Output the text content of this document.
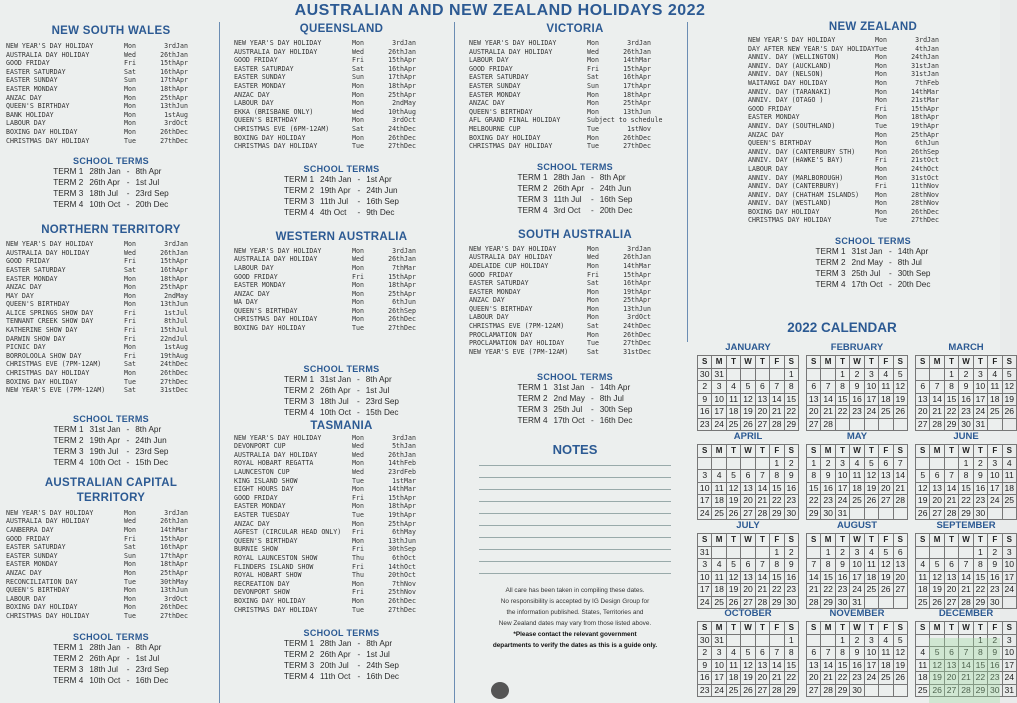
AUSTRALIAN AND NEW ZEALAND HOLIDAYS 2022
NEW SOUTH WALES
NEW YEAR'S DAY HOLIDAY	Mon	3rd	Jan
AUSTRALIA DAY HOLIDAY	Wed	26th	Jan
GOOD FRIDAY	Fri	15th	Apr
EASTER SATURDAY	Sat	16th	Apr
EASTER SUNDAY	Sun	17th	Apr
EASTER MONDAY	Mon	18th	Apr
ANZAC DAY	Mon	25th	Apr
QUEEN'S BIRTHDAY	Mon	13th	Jun
BANK HOLIDAY	Mon	1st	Aug
LABOUR DAY	Mon	3rd	Oct
BOXING DAY HOLIDAY	Mon	26th	Dec
CHRISTMAS DAY HOLIDAY	Tue	27th	Dec
SCHOOL TERMS
TERM 1	28th Jan	-	8th Apr
TERM 2	26th Apr	-	1st Jul
TERM 3	18th Jul	-	23rd Sep
TERM 4	10th Oct	-	20th Dec
NORTHERN TERRITORY
NEW YEAR'S DAY HOLIDAY	Mon	3rd	Jan
AUSTRALIA DAY HOLIDAY	Wed	26th	Jan
GOOD FRIDAY	Fri	15th	Apr
EASTER SATURDAY	Sat	16th	Apr
EASTER MONDAY	Mon	18th	Apr
ANZAC DAY	Mon	25th	Apr
MAY DAY	Mon	2nd	May
QUEEN'S BIRTHDAY	Mon	13th	Jun
ALICE SPRINGS SHOW DAY	Fri	1st	Jul
TENNANT CREEK SHOW DAY	Fri	8th	Jul
KATHERINE SHOW DAY	Fri	15th	Jul
DARWIN SHOW DAY	Fri	22nd	Jul
PICNIC DAY	Mon	1st	Aug
BORROLOOLA SHOW DAY	Fri	19th	Aug
CHRISTMAS EVE (7PM-12AM)	Sat	24th	Dec
CHRISTMAS DAY HOLIDAY	Mon	26th	Dec
BOXING DAY HOLIDAY	Tue	27th	Dec
NEW YEAR'S EVE (7PM-12AM)	Sat	31st	Dec
SCHOOL TERMS
TERM 1	31st Jan	-	8th Apr
TERM 2	19th Apr	-	24th Jun
TERM 3	19th Jul	-	23rd Sep
TERM 4	10th Oct	-	15th Dec
AUSTRALIAN CAPITAL
TERRITORY
NEW YEAR'S DAY HOLIDAY	Mon	3rd	Jan
AUSTRALIA DAY HOLIDAY	Wed	26th	Jan
CANBERRA DAY	Mon	14th	Mar
GOOD FRIDAY	Fri	15th	Apr
EASTER SATURDAY	Sat	16th	Apr
EASTER SUNDAY	Sun	17th	Apr
EASTER MONDAY	Mon	18th	Apr
ANZAC DAY	Mon	25th	Apr
RECONCILIATION DAY	Tue	30th	May
QUEEN'S BIRTHDAY	Mon	13th	Jun
LABOUR DAY	Mon	3rd	Oct
BOXING DAY HOLIDAY	Mon	26th	Dec
CHRISTMAS DAY HOLIDAY	Tue	27th	Dec
SCHOOL TERMS
TERM 1	28th Jan	-	8th Apr
TERM 2	26th Apr	-	1st Jul
TERM 3	18th Jul	-	23rd Sep
TERM 4	10th Oct	-	16th Dec
QUEENSLAND
NEW YEAR'S DAY HOLIDAY	Mon	3rd	Jan
AUSTRALIA DAY HOLIDAY	Wed	26th	Jan
GOOD FRIDAY	Fri	15th	Apr
EASTER SATURDAY	Sat	16th	Apr
EASTER SUNDAY	Sun	17th	Apr
EASTER MONDAY	Mon	18th	Apr
ANZAC DAY	Mon	25th	Apr
LABOUR DAY	Mon	2nd	May
EKKA (BRISBANE ONLY)	Wed	10th	Aug
QUEEN'S BIRTHDAY	Mon	3rd	Oct
CHRISTMAS EVE (6PM-12AM)	Sat	24th	Dec
BOXING DAY HOLIDAY	Mon	26th	Dec
CHRISTMAS DAY HOLIDAY	Tue	27th	Dec
SCHOOL TERMS
TERM 1	24th Jan	-	1st Apr
TERM 2	19th Apr	-	24th Jun
TERM 3	11th Jul	-	16th Sep
TERM 4	4th Oct	-	9th Dec
WESTERN AUSTRALIA
NEW YEAR'S DAY HOLIDAY	Mon	3rd	Jan
AUSTRALIA DAY HOLIDAY	Wed	26th	Jan
LABOUR DAY	Mon	7th	Mar
GOOD FRIDAY	Fri	15th	Apr
EASTER MONDAY	Mon	18th	Apr
ANZAC DAY	Mon	25th	Apr
WA DAY	Mon	6th	Jun
QUEEN'S BIRTHDAY	Mon	26th	Sep
CHRISTMAS DAY HOLIDAY	Mon	26th	Dec
BOXING DAY HOLIDAY	Tue	27th	Dec
SCHOOL TERMS
TERM 1	31st Jan	-	8th Apr
TERM 2	26th Apr	-	1st Jul
TERM 3	18th Jul	-	23rd Sep
TERM 4	10th Oct	-	15th Dec
TASMANIA
NEW YEAR'S DAY HOLIDAY	Mon	3rd	Jan
DEVONPORT CUP	Wed	5th	Jan
AUSTRALIA DAY HOLIDAY	Wed	26th	Jan
ROYAL HOBART REGATTA	Mon	14th	Feb
LAUNCESTON CUP	Wed	23rd	Feb
KING ISLAND SHOW	Tue	1st	Mar
EIGHT HOURS DAY	Mon	14th	Mar
GOOD FRIDAY	Fri	15th	Apr
EASTER MONDAY	Mon	18th	Apr
EASTER TUESDAY	Tue	19th	Apr
ANZAC DAY	Mon	25th	Apr
AGFEST (CIRCULAR HEAD ONLY)	Fri	6th	May
QUEEN'S BIRTHDAY	Mon	13th	Jun
BURNIE SHOW	Fri	30th	Sep
ROYAL LAUNCESTON SHOW	Thu	6th	Oct
FLINDERS ISLAND SHOW	Fri	14th	Oct
ROYAL HOBART SHOW	Thu	20th	Oct
RECREATION DAY	Mon	7th	Nov
DEVONPORT SHOW	Fri	25th	Nov
BOXING DAY HOLIDAY	Mon	26th	Dec
CHRISTMAS DAY HOLIDAY	Tue	27th	Dec
SCHOOL TERMS
TERM 1	28th Jan	-	8th Apr
TERM 2	26th Apr	-	1st Jul
TERM 3	20th Jul	-	24th Sep
TERM 4	11th Oct	-	16th Dec
VICTORIA
NEW YEAR'S DAY HOLIDAY	Mon	3rd	Jan
AUSTRALIA DAY HOLIDAY	Wed	26th	Jan
LABOUR DAY	Mon	14th	Mar
GOOD FRIDAY	Fri	15th	Apr
EASTER SATURDAY	Sat	16th	Apr
EASTER SUNDAY	Sun	17th	Apr
EASTER MONDAY	Mon	18th	Apr
ANZAC DAY	Mon	25th	Apr
QUEEN'S BIRTHDAY	Mon	13th	Jun
AFL GRAND FINAL HOLIDAY	Subject to schedule		
MELBOURNE CUP	Tue	1st	Nov
BOXING DAY HOLIDAY	Mon	26th	Dec
CHRISTMAS DAY HOLIDAY	Tue	27th	Dec
SCHOOL TERMS
TERM 1	28th Jan	-	8th Apr
TERM 2	26th Apr	-	24th Jun
TERM 3	11th Jul	-	16th Sep
TERM 4	3rd Oct	-	20th Dec
SOUTH AUSTRALIA
NEW YEAR'S DAY HOLIDAY	Mon	3rd	Jan
AUSTRALIA DAY HOLIDAY	Wed	26th	Jan
ADELAIDE CUP HOLIDAY	Mon	14th	Mar
GOOD FRIDAY	Fri	15th	Apr
EASTER SATURDAY	Sat	16th	Apr
EASTER MONDAY	Mon	19th	Apr
ANZAC DAY	Mon	25th	Apr
QUEEN'S BIRTHDAY	Mon	13th	Jun
LABOUR DAY	Mon	3rd	Oct
CHRISTMAS EVE (7PM-12AM)	Sat	24th	Dec
PROCLAMATION DAY	Mon	26th	Dec
PROCLAMATION DAY HOLIDAY	Tue	27th	Dec
NEW YEAR'S EVE (7PM-12AM)	Sat	31st	Dec
SCHOOL TERMS
TERM 1	31st Jan	-	14th Apr
TERM 2	2nd May	-	8th Jul
TERM 3	25th Jul	-	30th Sep
TERM 4	17th Oct	-	16th Dec
NOTES
All care has been taken in compiling these dates.
No responsibility is accepted by IG Design Group for
the information published. States, Territories and
New Zealand dates may vary from those listed above.
*Please contact the relevant government
departments to verify the dates as this is a guide only.
NEW ZEALAND
NEW YEAR'S DAY HOLIDAY	Mon	3rd	Jan
DAY AFTER NEW YEAR'S DAY HOLIDAY	Tue	4th	Jan
ANNIV. DAY (WELLINGTON)	Mon	24th	Jan
ANNIV. DAY (AUCKLAND)	Mon	31st	Jan
ANNIV. DAY (NELSON)	Mon	31st	Jan
WAITANGI DAY HOLIDAY	Mon	7th	Feb
ANNIV. DAY (TARANAKI)	Mon	14th	Mar
ANNIV. DAY (OTAGO )	Mon	21st	Mar
GOOD FRIDAY	Fri	15th	Apr
EASTER MONDAY	Mon	18th	Apr
ANNIV. DAY (SOUTHLAND)	Tue	19th	Apr
ANZAC DAY	Mon	25th	Apr
QUEEN'S BIRTHDAY	Mon	6th	Jun
ANNIV. DAY (CANTERBURY STH)	Mon	26th	Sep
ANNIV. DAY (HAWKE'S BAY)	Fri	21st	Oct
LABOUR DAY	Mon	24th	Oct
ANNIV. DAY (MARLBOROUGH)	Mon	31st	Oct
ANNIV. DAY (CANTERBURY)	Fri	11th	Nov
ANNIV. DAY (CHATHAM ISLANDS)	Mon	28th	Nov
ANNIV. DAY (WESTLAND)	Mon	28th	Nov
BOXING DAY HOLIDAY	Mon	26th	Dec
CHRISTMAS DAY HOLIDAY	Tue	27th	Dec
SCHOOL TERMS
TERM 1	31st Jan	-	14th Apr
TERM 2	2nd May	-	8th Jul
TERM 3	25th Jul	-	30th Sep
TERM 4	17th Oct	-	20th Dec
2022 CALENDAR
JANUARY
S	M	T	W	T	F	S
30	31					1
2	3	4	5	6	7	8
9	10	11	12	13	14	15
16	17	18	19	20	21	22
23	24	25	26	27	28	29
FEBRUARY
S	M	T	W	T	F	S
		1	2	3	4	5
6	7	8	9	10	11	12
13	14	15	16	17	18	19
20	21	22	23	24	25	26
27	28					
MARCH
S	M	T	W	T	F	S
		1	2	3	4	5
6	7	8	9	10	11	12
13	14	15	16	17	18	19
20	21	22	23	24	25	26
27	28	29	30	31		
APRIL
S	M	T	W	T	F	S
					1	2
3	4	5	6	7	8	9
10	11	12	13	14	15	16
17	18	19	20	21	22	23
24	25	26	27	28	29	30
MAY
S	M	T	W	T	F	S
1	2	3	4	5	6	7
8	9	10	11	12	13	14
15	16	17	18	19	20	21
22	23	24	25	26	27	28
29	30	31				
JUNE
S	M	T	W	T	F	S
			1	2	3	4
5	6	7	8	9	10	11
12	13	14	15	16	17	18
19	20	21	22	23	24	25
26	27	28	29	30		
JULY
S	M	T	W	T	F	S
31					1	2
3	4	5	6	7	8	9
10	11	12	13	14	15	16
17	18	19	20	21	22	23
24	25	26	27	28	29	30
AUGUST
S	M	T	W	T	F	S
	1	2	3	4	5	6
7	8	9	10	11	12	13
14	15	16	17	18	19	20
21	22	23	24	25	26	27
28	29	30	31			
SEPTEMBER
S	M	T	W	T	F	S
				1	2	3
4	5	6	7	8	9	10
11	12	13	14	15	16	17
18	19	20	21	22	23	24
25	26	27	28	29	30	
OCTOBER
S	M	T	W	T	F	S
30	31					1
2	3	4	5	6	7	8
9	10	11	12	13	14	15
16	17	18	19	20	21	22
23	24	25	26	27	28	29
NOVEMBER
S	M	T	W	T	F	S
		1	2	3	4	5
6	7	8	9	10	11	12
13	14	15	16	17	18	19
20	21	22	23	24	25	26
27	28	29	30			
DECEMBER
S	M	T	W	T	F	S
				1	2	3
4	5	6	7	8	9	10
11	12	13	14	15	16	17
18	19	20	21	22	23	24
25	26	27	28	29	30	31
